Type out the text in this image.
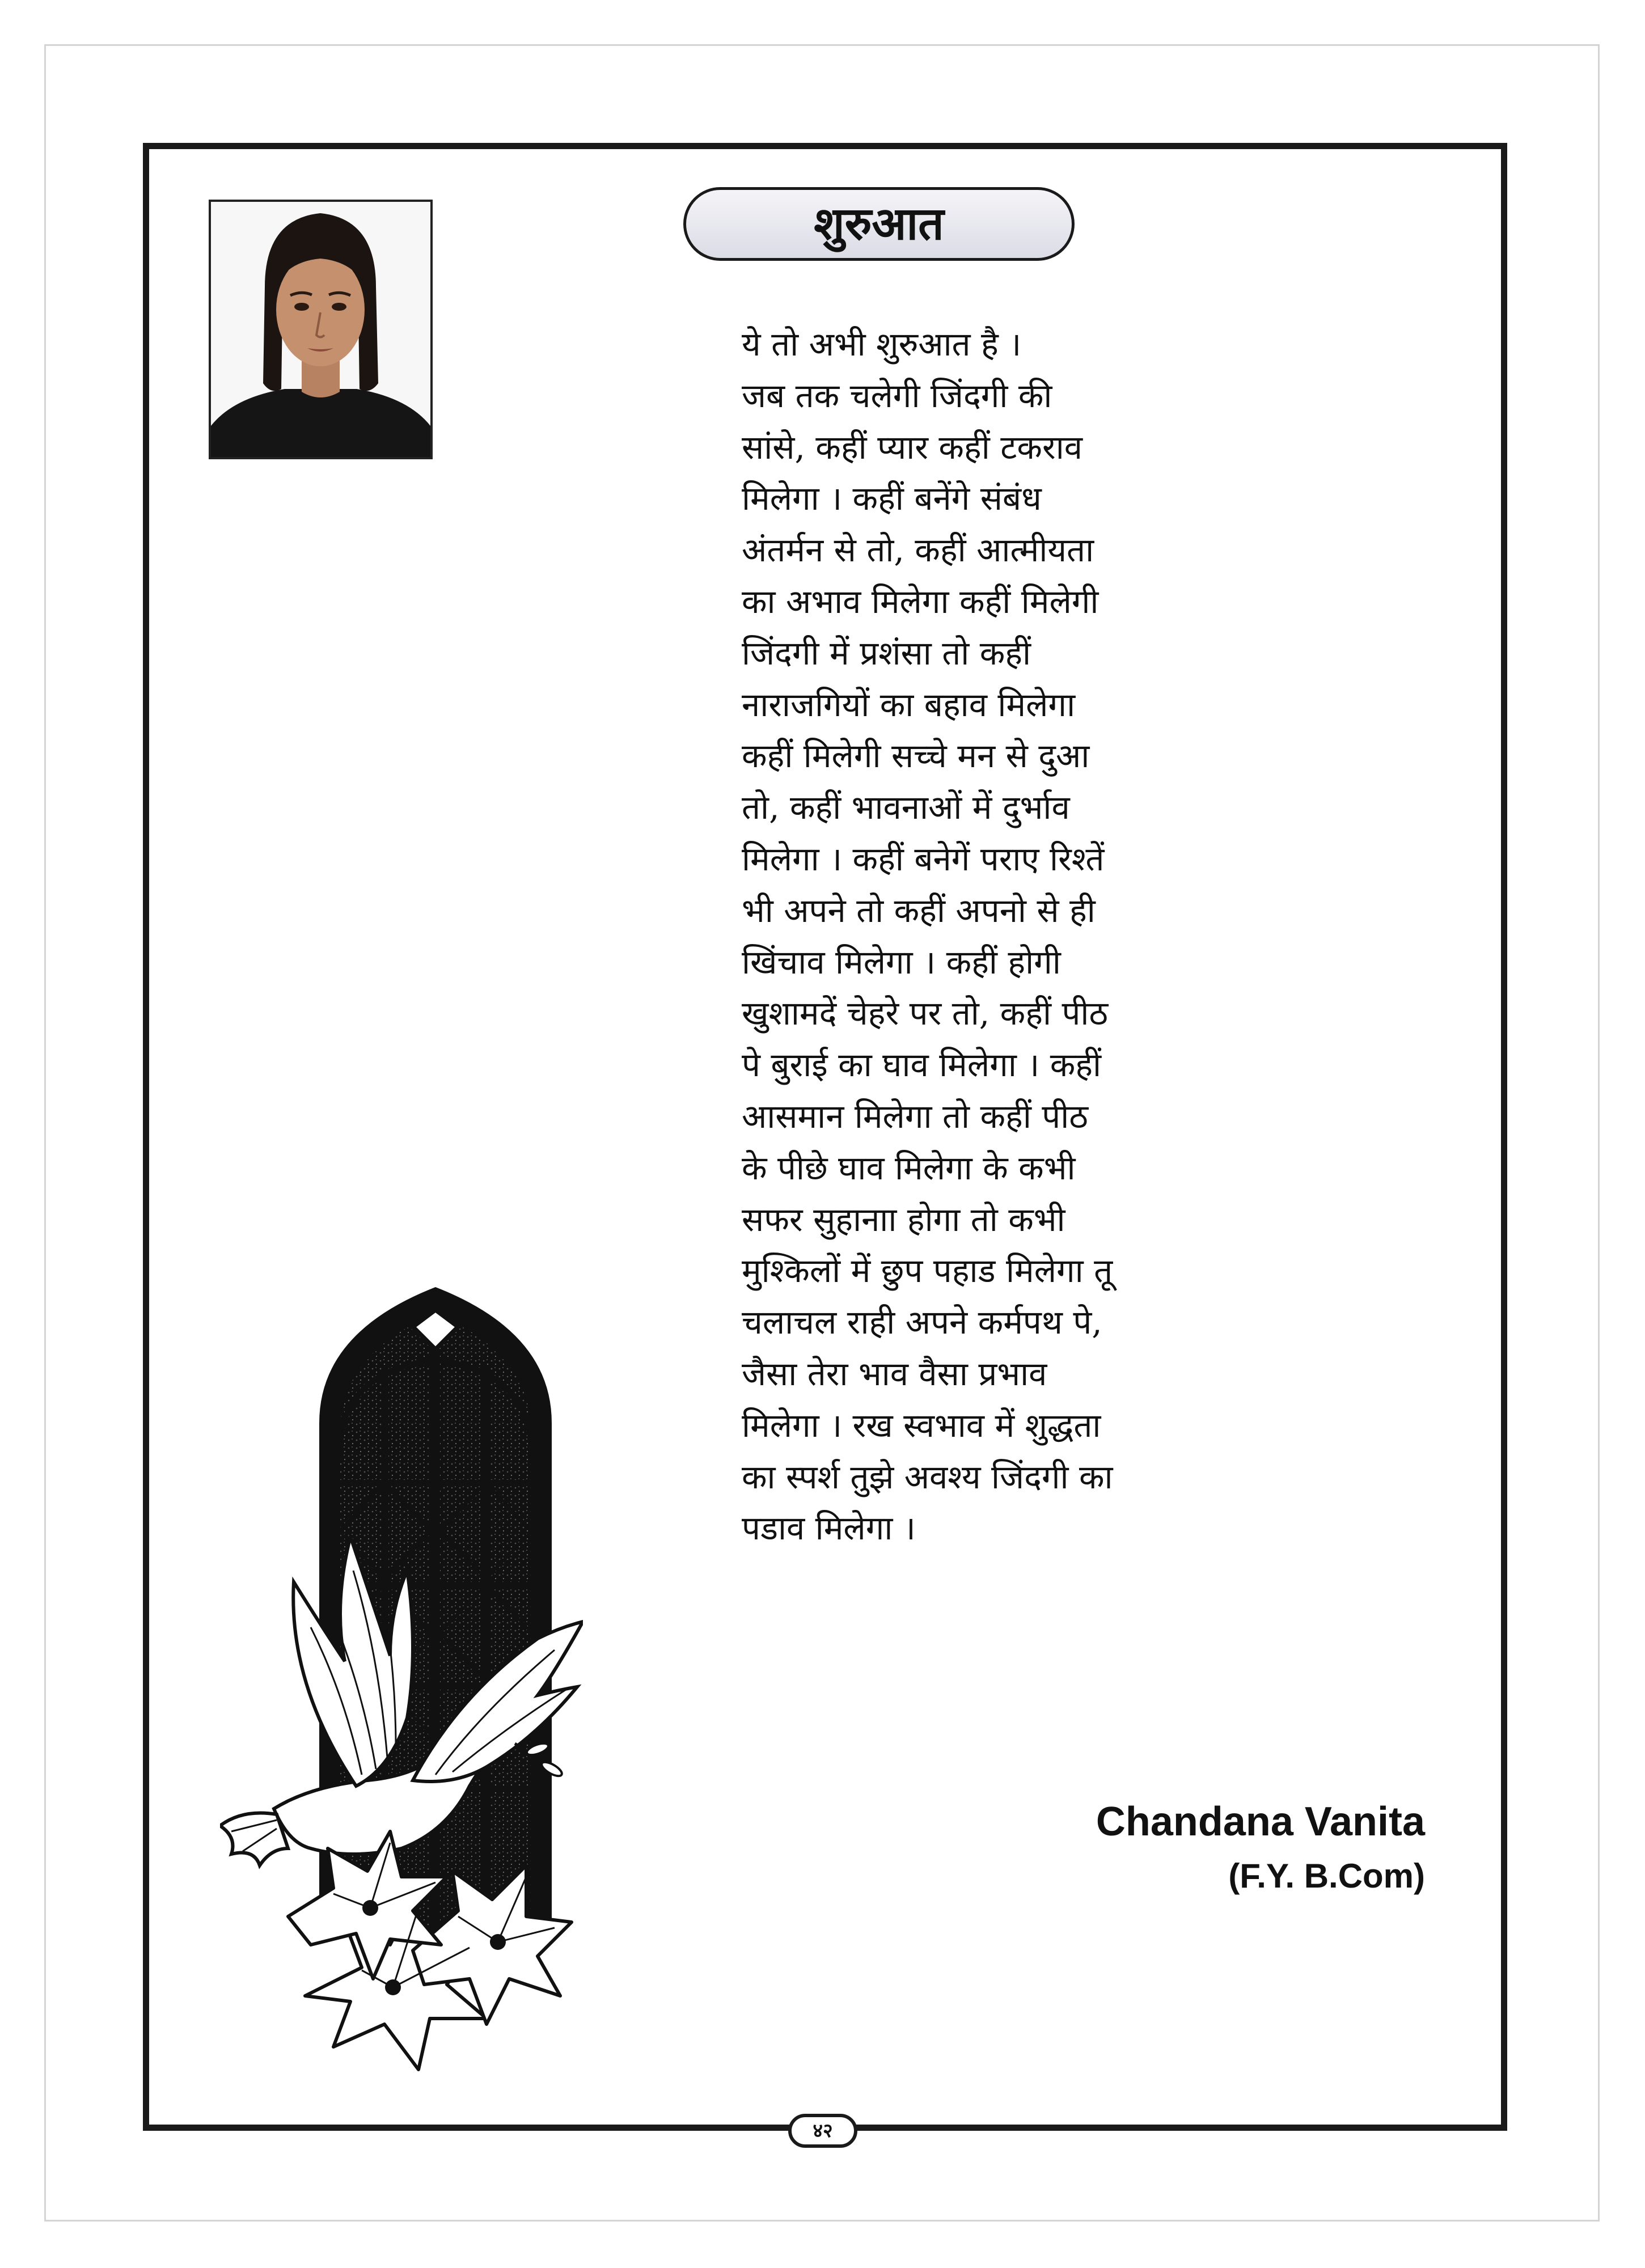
शुरुआत
ये तो अभी शुरुआत है ।
जब तक चलेगी जिंदगी की
सांसे, कहीं प्यार कहीं टकराव
मिलेगा । कहीं बनेंगे संबंध
अंतर्मन से तो, कहीं आत्मीयता
का अभाव मिलेगा कहीं मिलेगी
जिंदगी में प्रशंसा तो कहीं
नाराजगियों का बहाव मिलेगा
कहीं मिलेगी सच्चे मन से दुआ
तो, कहीं भावनाओं में दुर्भाव
मिलेगा । कहीं बनेगें पराए रिश्तें
भी अपने तो कहीं अपनो से ही
खिंचाव मिलेगा । कहीं होगी
खुशामदें चेहरे पर तो, कहीं पीठ
पे बुराई का घाव मिलेगा । कहीं
आसमान मिलेगा तो कहीं पीठ
के पीछे घाव मिलेगा के कभी
सफर सुहानाा होगा तो कभी
मुश्किलों में छुप पहाड मिलेगा तू
चलाचल राही अपने कर्मपथ पे,
जैसा तेरा भाव वैसा प्रभाव
मिलेगा । रख स्वभाव में शुद्धता
का स्पर्श तुझे अवश्य जिंदगी का
पडाव मिलेगा ।
Chandana Vanita
(F.Y. B.Com)
४२
